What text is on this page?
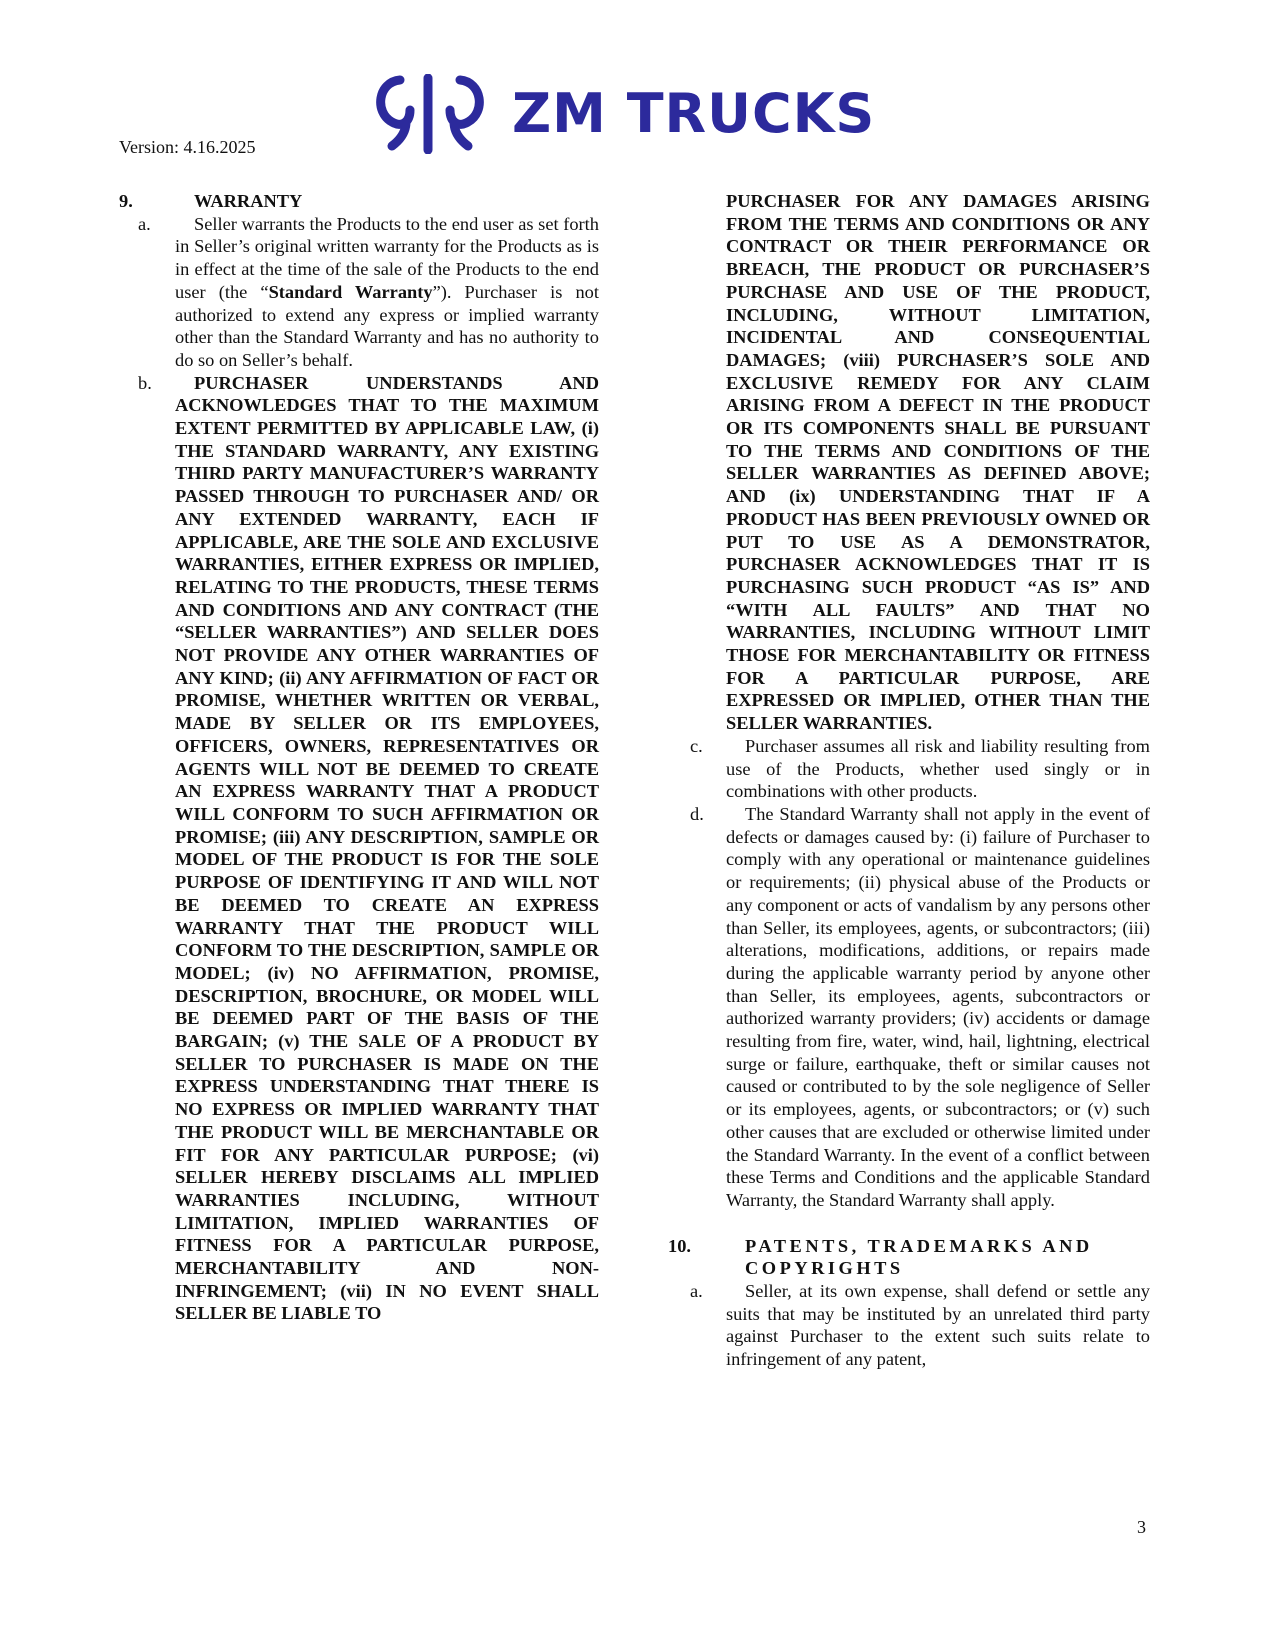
Version: 4.16.2025
ZM TRUCKS
9.	WARRANTY
a.	Seller warrants the Products to the end user as set forth in Seller’s original written warranty for the Products as is in effect at the time of the sale of the Products to the end user (the “Standard Warranty”). Purchaser is not authorized to extend any express or implied warranty other than the Standard Warranty and has no authority to do so on Seller’s behalf.
b.	PURCHASER UNDERSTANDS AND ACKNOWLEDGES THAT TO THE MAXIMUM EXTENT PERMITTED BY APPLICABLE LAW, (i) THE STANDARD WARRANTY, ANY EXISTING THIRD PARTY MANUFACTURER’S WARRANTY PASSED THROUGH TO PURCHASER AND/ OR ANY EXTENDED WARRANTY, EACH IF APPLICABLE, ARE THE SOLE AND EXCLUSIVE WARRANTIES, EITHER EXPRESS OR IMPLIED, RELATING TO THE PRODUCTS, THESE TERMS AND CONDITIONS AND ANY CONTRACT (THE “SELLER WARRANTIES”) AND SELLER DOES NOT PROVIDE ANY OTHER WARRANTIES OF ANY KIND; (ii) ANY AFFIRMATION OF FACT OR PROMISE, WHETHER WRITTEN OR VERBAL, MADE BY SELLER OR ITS EMPLOYEES, OFFICERS, OWNERS, REPRESENTATIVES OR AGENTS WILL NOT BE DEEMED TO CREATE AN EXPRESS WARRANTY THAT A PRODUCT WILL CONFORM TO SUCH AFFIRMATION OR PROMISE; (iii) ANY DESCRIPTION, SAMPLE OR MODEL OF THE PRODUCT IS FOR THE SOLE PURPOSE OF IDENTIFYING IT AND WILL NOT BE DEEMED TO CREATE AN EXPRESS WARRANTY THAT THE PRODUCT WILL CONFORM TO THE DESCRIPTION, SAMPLE OR MODEL; (iv) NO AFFIRMATION, PROMISE, DESCRIPTION, BROCHURE, OR MODEL WILL BE DEEMED PART OF THE BASIS OF THE BARGAIN; (v) THE SALE OF A PRODUCT BY SELLER TO PURCHASER IS MADE ON THE EXPRESS UNDERSTANDING THAT THERE IS NO EXPRESS OR IMPLIED WARRANTY THAT THE PRODUCT WILL BE MERCHANTABLE OR FIT FOR ANY PARTICULAR PURPOSE; (vi) SELLER HEREBY DISCLAIMS ALL IMPLIED WARRANTIES INCLUDING, WITHOUT LIMITATION, IMPLIED WARRANTIES OF FITNESS FOR A PARTICULAR PURPOSE, MERCHANTABILITY AND NON-INFRINGEMENT; (vii) IN NO EVENT SHALL SELLER BE LIABLE TO
PURCHASER FOR ANY DAMAGES ARISING FROM THE TERMS AND CONDITIONS OR ANY CONTRACT OR THEIR PERFORMANCE OR BREACH, THE PRODUCT OR PURCHASER’S PURCHASE AND USE OF THE PRODUCT, INCLUDING, WITHOUT LIMITATION, INCIDENTAL AND CONSEQUENTIAL DAMAGES; (viii) PURCHASER’S SOLE AND EXCLUSIVE REMEDY FOR ANY CLAIM ARISING FROM A DEFECT IN THE PRODUCT OR ITS COMPONENTS SHALL BE PURSUANT TO THE TERMS AND CONDITIONS OF THE SELLER WARRANTIES AS DEFINED ABOVE; AND (ix) UNDERSTANDING THAT IF A PRODUCT HAS BEEN PREVIOUSLY OWNED OR PUT TO USE AS A DEMONSTRATOR, PURCHASER ACKNOWLEDGES THAT IT IS PURCHASING SUCH PRODUCT “AS IS” AND “WITH ALL FAULTS” AND THAT NO WARRANTIES, INCLUDING WITHOUT LIMIT THOSE FOR MERCHANTABILITY OR FITNESS FOR A PARTICULAR PURPOSE, ARE EXPRESSED OR IMPLIED, OTHER THAN THE SELLER WARRANTIES.
c.	Purchaser assumes all risk and liability resulting from use of the Products, whether used singly or in combinations with other products.
d.	The Standard Warranty shall not apply in the event of defects or damages caused by: (i) failure of Purchaser to comply with any operational or maintenance guidelines or requirements; (ii) physical abuse of the Products or any component or acts of vandalism by any persons other than Seller, its employees, agents, or subcontractors; (iii) alterations, modifications, additions, or repairs made during the applicable warranty period by anyone other than Seller, its employees, agents, subcontractors or authorized warranty providers; (iv) accidents or damage resulting from fire, water, wind, hail, lightning, electrical surge or failure, earthquake, theft or similar causes not caused or contributed to by the sole negligence of Seller or its employees, agents, or subcontractors; or (v) such other causes that are excluded or otherwise limited under the Standard Warranty. In the event of a conflict between these Terms and Conditions and the applicable Standard Warranty, the Standard Warranty shall apply.
10.	PATENTS, TRADEMARKS AND COPYRIGHTS
a.	Seller, at its own expense, shall defend or settle any suits that may be instituted by an unrelated third party against Purchaser to the extent such suits relate to infringement of any patent,
3
